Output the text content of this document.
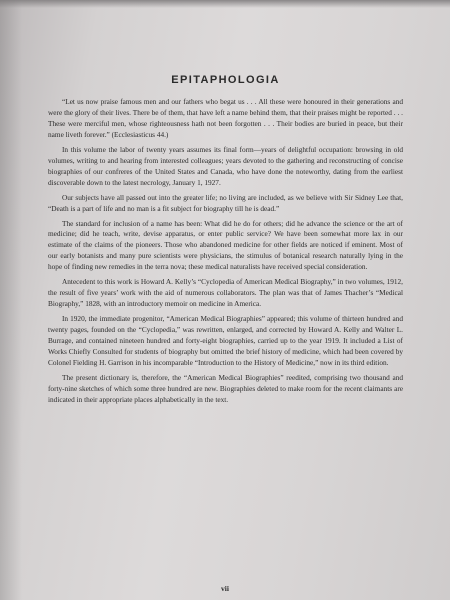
EPITAPHOLOGIA

“Let us now praise famous men and our fathers who begat us . . . All these were honoured in their generations and were the glory of their lives. There be of them, that have left a name behind them, that their praises might be reported . . . These were merciful men, whose righteousness hath not been forgotten . . . Their bodies are buried in peace, but their name liveth forever.” (Ecclesiasticus 44.)

In this volume the labor of twenty years assumes its final form—years of delightful occupation: browsing in old volumes, writing to and hearing from interested colleagues; years devoted to the gathering and reconstructing of concise biographies of our confreres of the United States and Canada, who have done the noteworthy, dating from the earliest discoverable down to the latest necrology, January 1, 1927.

Our subjects have all passed out into the greater life; no living are included, as we believe with Sir Sidney Lee that, “Death is a part of life and no man is a fit subject for biography till he is dead.”

The standard for inclusion of a name has been: What did he do for others; did he advance the science or the art of medicine; did he teach, write, devise apparatus, or enter public service? We have been somewhat more lax in our estimate of the claims of the pioneers. Those who abandoned medicine for other fields are noticed if eminent. Most of our early botanists and many pure scientists were physicians, the stimulus of botanical research naturally lying in the hope of finding new remedies in the terra nova; these medical naturalists have received special consideration.

Antecedent to this work is Howard A. Kelly’s “Cyclopedia of American Medical Biography,” in two volumes, 1912, the result of five years’ work with the aid of numerous collaborators. The plan was that of James Thacher’s “Medical Biography,” 1828, with an introductory memoir on medicine in America.

In 1920, the immediate progenitor, “American Medical Biographies” appeared; this volume of thirteen hundred and twenty pages, founded on the “Cyclopedia,” was rewritten, enlarged, and corrected by Howard A. Kelly and Walter L. Burrage, and contained nineteen hundred and forty-eight biographies, carried up to the year 1919. It included a List of Works Chiefly Consulted for students of biography but omitted the brief history of medicine, which had been covered by Colonel Fielding H. Garrison in his incomparable “Introduction to the History of Medicine,” now in its third edition.

The present dictionary is, therefore, the “American Medical Biographies” reedited, comprising two thousand and forty-nine sketches of which some three hundred are new. Biographies deleted to make room for the recent claimants are indicated in their appropriate places alphabetically in the text.

vii
